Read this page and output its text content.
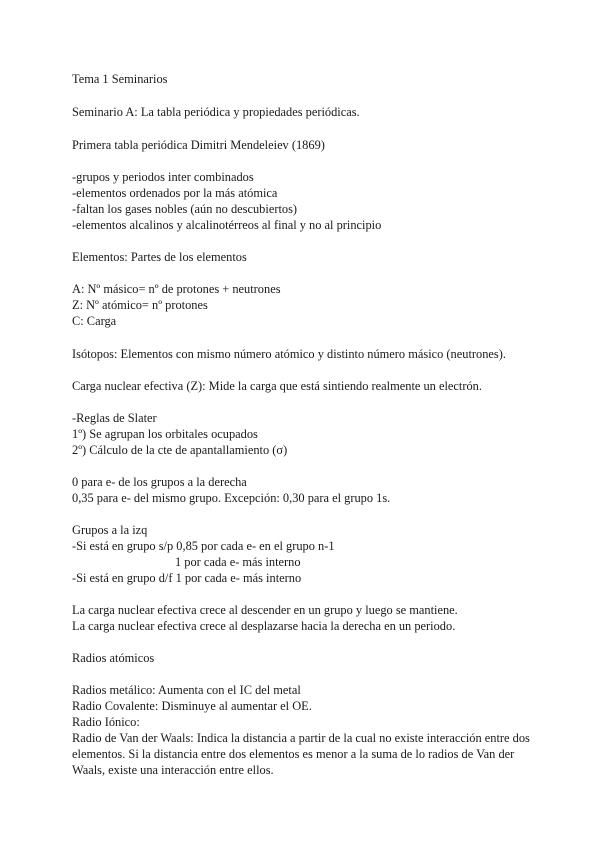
Tema 1 Seminarios
Seminario A: La tabla periódica y propiedades periódicas.
Primera tabla periódica Dimitri Mendeleiev (1869)
-grupos y periodos inter combinados
-elementos ordenados por la más atómica
-faltan los gases nobles (aún no descubiertos)
-elementos alcalinos y alcalinotérreos al final y no al principio
Elementos: Partes de los elementos
A: Nº másico= nº de protones + neutrones
Z: Nº atómico= nº protones
C: Carga
Isótopos: Elementos con mismo número atómico y distinto número másico (neutrones).
Carga nuclear efectiva (Z): Mide la carga que está sintiendo realmente un electrón.
-Reglas de Slater
1º) Se agrupan los orbitales ocupados
2º) Cálculo de la cte de apantallamiento (σ)
0 para e- de los grupos a la derecha
0,35 para e- del mismo grupo. Excepción: 0,30 para el grupo 1s.
Grupos a la izq
-Si está en grupo s/p 0,85 por cada e- en el grupo n-1
1 por cada e- más interno
-Si está en grupo d/f 1 por cada e- más interno
La carga nuclear efectiva crece al descender en un grupo y luego se mantiene.
La carga nuclear efectiva crece al desplazarse hacia la derecha en un periodo.
Radios atómicos
Radios metálico: Aumenta con el IC del metal
Radio Covalente: Disminuye al aumentar el OE.
Radio Iónico:
Radio de Van der Waals: Indica la distancia a partir de la cual no existe interacción entre dos
elementos. Si la distancia entre dos elementos es menor a la suma de lo radios de Van der
Waals, existe una interacción entre ellos.
